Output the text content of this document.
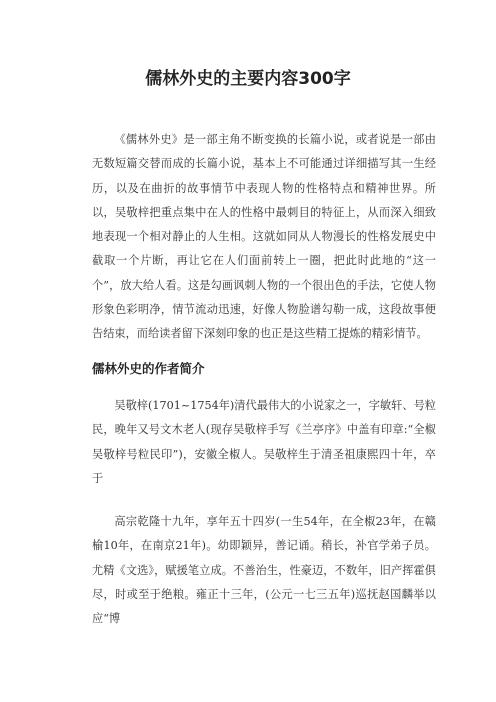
儒林外史的主要内容300字

《儒林外史》是一部主角不断变换的长篇小说，或者说是一部由无数短篇交替而成的长篇小说，基本上不可能通过详细描写其一生经历，以及在曲折的故事情节中表现人物的性格特点和精神世界。所以，吴敬梓把重点集中在人的性格中最刺目的特征上，从而深入细致地表现一个相对静止的人生相。这就如同从人物漫长的性格发展史中截取一个片断，再让它在人们面前转上一圈，把此时此地的“这一个”，放大给人看。这是勾画讽刺人物的一个很出色的手法，它使人物形象色彩明净，情节流动迅速，好像人物脸谱勾勒一成，这段故事便告结束，而给读者留下深刻印象的也正是这些精工提炼的精彩情节。

儒林外史的作者简介

吴敬梓(1701~1754年)清代最伟大的小说家之一，字敏轩、号粒民，晚年又号文木老人(现存吴敬梓手写《兰亭序》中盖有印章:“全椒吴敬梓号粒民印”)，安徽全椒人。吴敬梓生于清圣祖康熙四十年，卒于

高宗乾隆十九年，享年五十四岁(一生54年，在全椒23年，在赣榆10年，在南京21年)。幼即颖异，善记诵。稍长，补官学弟子员。尤精《文选》，赋援笔立成。不善治生，性豪迈，不数年，旧产挥霍俱尽，时或至于绝粮。雍正十三年，(公元一七三五年)巡抚赵国麟举以应“博
